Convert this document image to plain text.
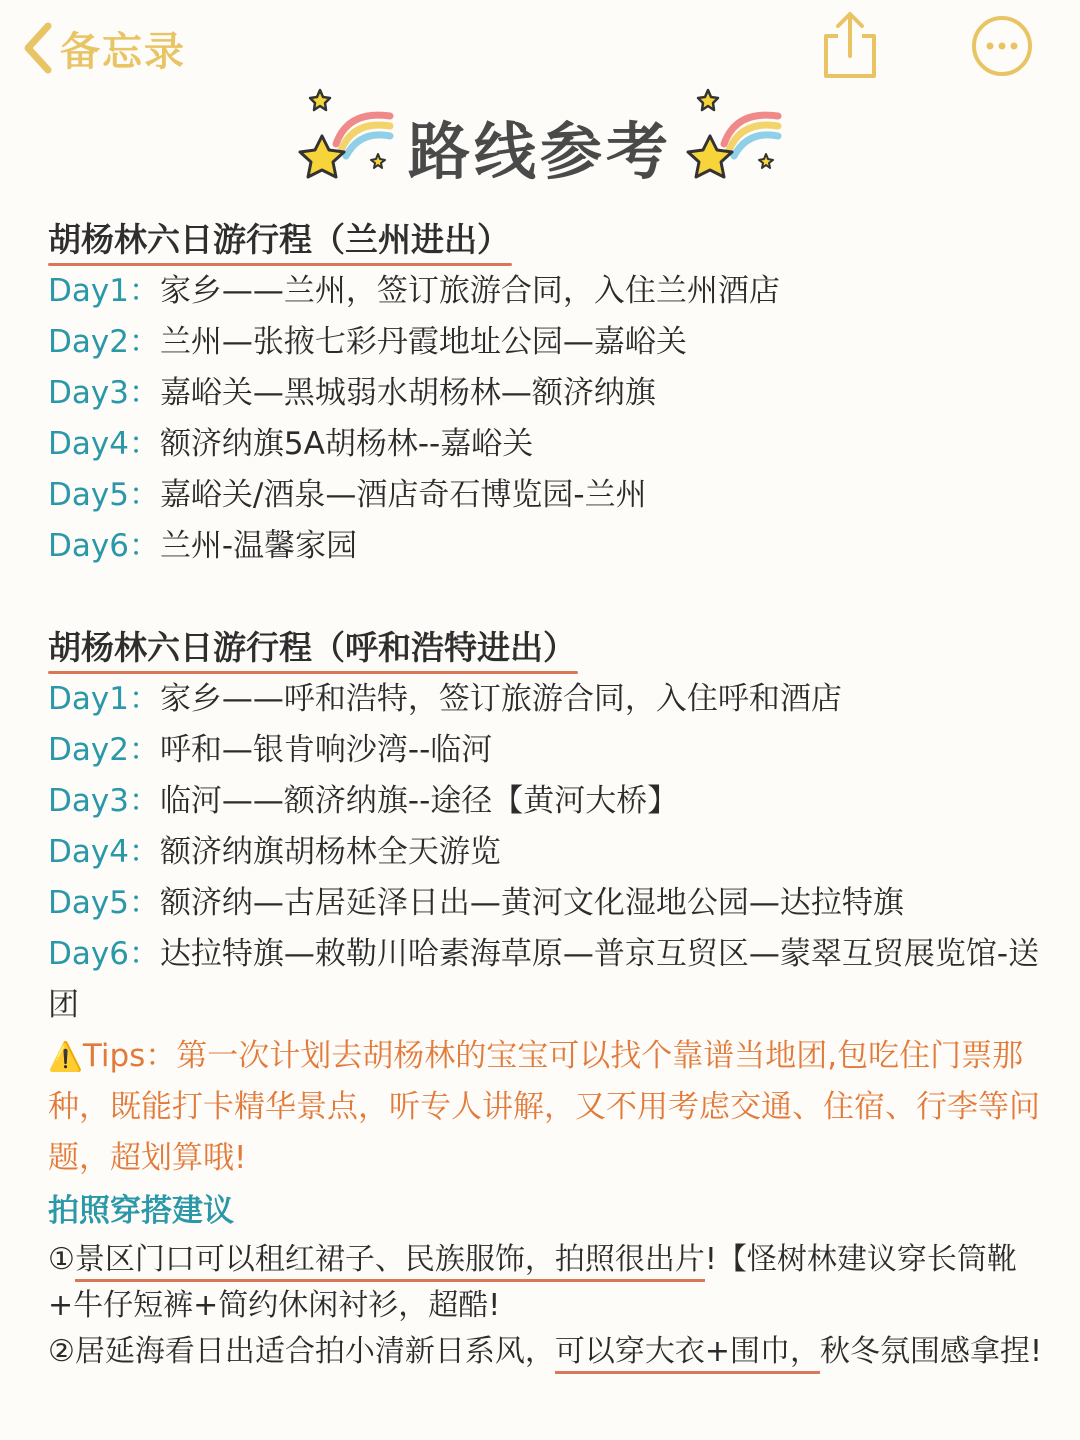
备忘录
路线参考
胡杨林六日游行程（兰州进出）
Day1：家乡——兰州，签订旅游合同，入住兰州酒店
Day2：兰州—张掖七彩丹霞地址公园—嘉峪关
Day3：嘉峪关—黑城弱水胡杨林—额济纳旗
Day4：额济纳旗5A胡杨林--嘉峪关
Day5：嘉峪关/酒泉—酒店奇石博览园-兰州
Day6：兰州-温馨家园
胡杨林六日游行程（呼和浩特进出）
Day1：家乡——呼和浩特，签订旅游合同，入住呼和酒店
Day2：呼和—银肯响沙湾--临河
Day3：临河——额济纳旗--途径【黄河大桥】
Day4：额济纳旗胡杨林全天游览
Day5：额济纳—古居延泽日出—黄河文化湿地公园—达拉特旗
Day6：达拉特旗—敕勒川哈素海草原—普京互贸区—蒙翠互贸展览馆-送团
⚠️Tips：第一次计划去胡杨林的宝宝可以找个靠谱当地团,包吃住门票那种，既能打卡精华景点，听专人讲解，又不用考虑交通、住宿、行李等问题，超划算哦!
拍照穿搭建议
①景区门口可以租红裙子、民族服饰，拍照很出片!【怪树林建议穿长筒靴+牛仔短裤+简约休闲衬衫，超酷!
②居延海看日出适合拍小清新日系风，可以穿大衣+围巾，秋冬氛围感拿捏!
